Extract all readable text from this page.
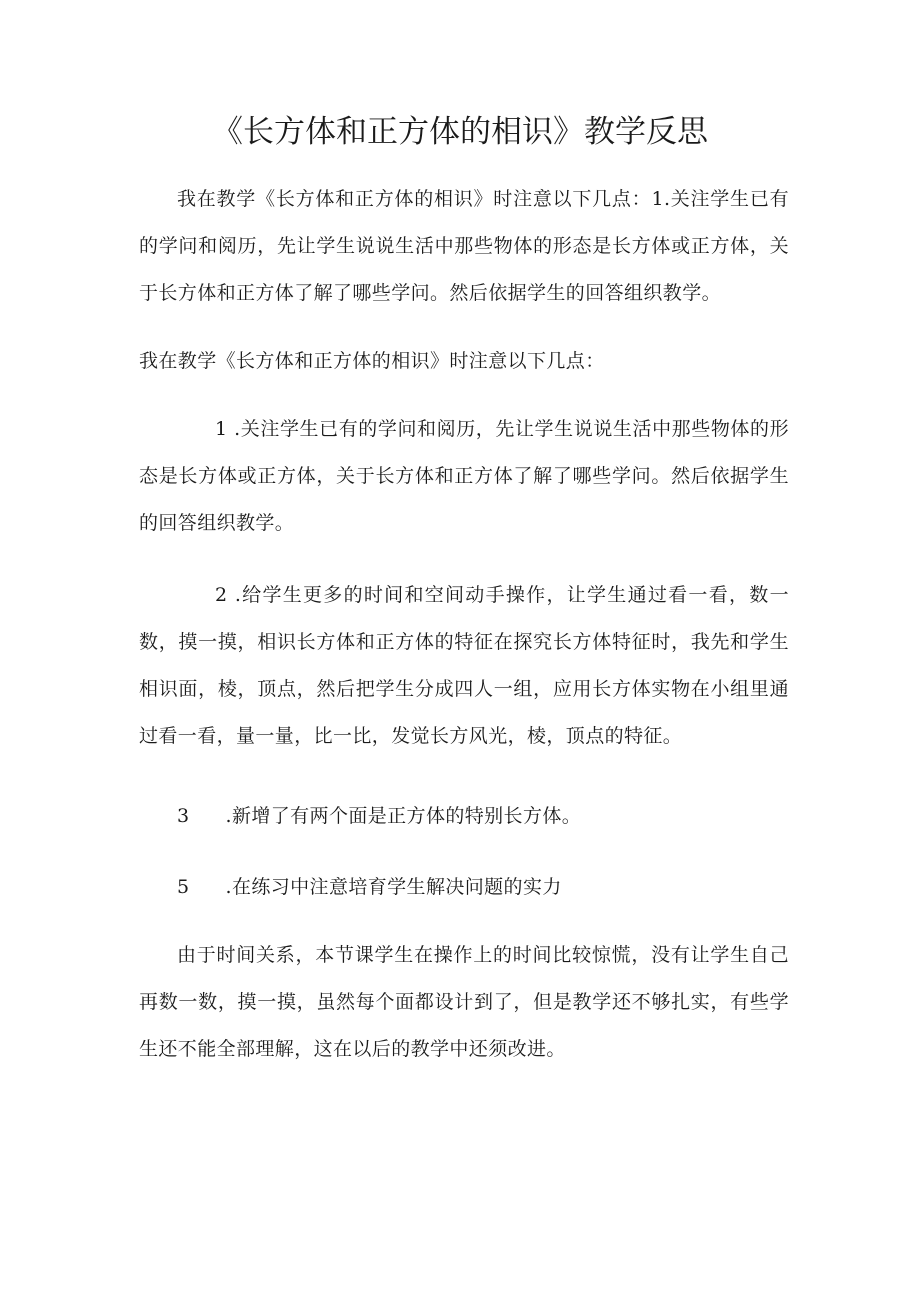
《长方体和正方体的相识》教学反思

我在教学《长方体和正方体的相识》时注意以下几点：1.关注学生已有的学问和阅历，先让学生说说生活中那些物体的形态是长方体或正方体，关于长方体和正方体了解了哪些学问。然后依据学生的回答组织教学。

我在教学《长方体和正方体的相识》时注意以下几点：

1 .关注学生已有的学问和阅历，先让学生说说生活中那些物体的形态是长方体或正方体，关于长方体和正方体了解了哪些学问。然后依据学生的回答组织教学。

2 .给学生更多的时间和空间动手操作，让学生通过看一看，数一数，摸一摸，相识长方体和正方体的特征在探究长方体特征时，我先和学生相识面，棱，顶点，然后把学生分成四人一组，应用长方体实物在小组里通过看一看，量一量，比一比，发觉长方风光，棱，顶点的特征。

3 .新增了有两个面是正方体的特别长方体。
5 .在练习中注意培育学生解决问题的实力

由于时间关系，本节课学生在操作上的时间比较惊慌，没有让学生自己再数一数，摸一摸，虽然每个面都设计到了，但是教学还不够扎实，有些学生还不能全部理解，这在以后的教学中还须改进。
